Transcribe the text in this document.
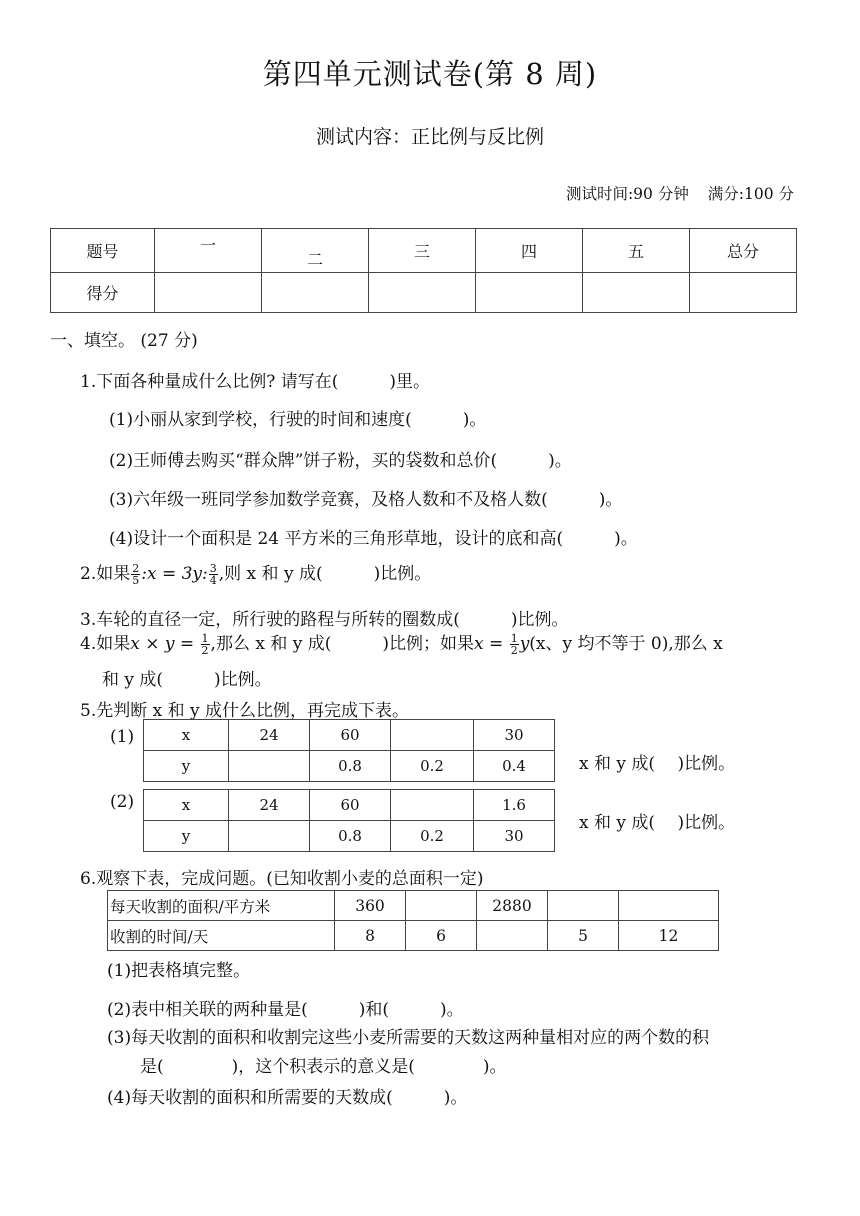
第四单元测试卷(第 8 周)
测试内容：正比例与反比例
测试时间:90 分钟 满分:100 分
题号	一	二	三	四	五	总分
得分						
一、填空。 (27 分)
1.下面各种量成什么比例? 请写在(　　　)里。
(1)小丽从家到学校，行驶的时间和速度(　　　)。
(2)王师傅去购买“群众牌”饼子粉，买的袋数和总价(　　　)。
(3)六年级一班同学参加数学竞赛，及格人数和不及格人数(　　　)。
(4)设计一个面积是 24 平方米的三角形草地，设计的底和高(　　　)。
2.如果 $\frac{2}{5}$ :x = 3y: $\frac{3}{4}$ ,则 x 和 y 成(　　　)比例。
3.车轮的直径一定，所行驶的路程与所转的圈数成(　　　)比例。
4.如果$x \times y = \frac{1}{2}$ ,那么 x 和 y 成(　　　)比例；如果$x = \frac{1}{2} y(x$、y 均不等于 0),那么 x
和 y 成(　　　)比例。
5.先判断 x 和 y 成什么比例，再完成下表。
(1)	x	24	60		30
y		0.8	0.2	0.4	x 和 y 成(　 )比例。
(2)	x	24	60		1.6
y		0.8	0.2	30
x 和 y 成(　 )比例。
6.观察下表，完成问题。(已知收割小麦的总面积一定)
每天收割的面积/平方米	360		2880		
收割的时间/天	8	6		5	12
(1)把表格填完整。
(2)表中相关联的两种量是(　　　)和(　　　)。
(3)每天收割的面积和收割完这些小麦所需要的天数这两种量相对应的两个数的积
是(　　　　)，这个积表示的意义是(　　　　)。
(4)每天收割的面积和所需要的天数成(　　　)。
